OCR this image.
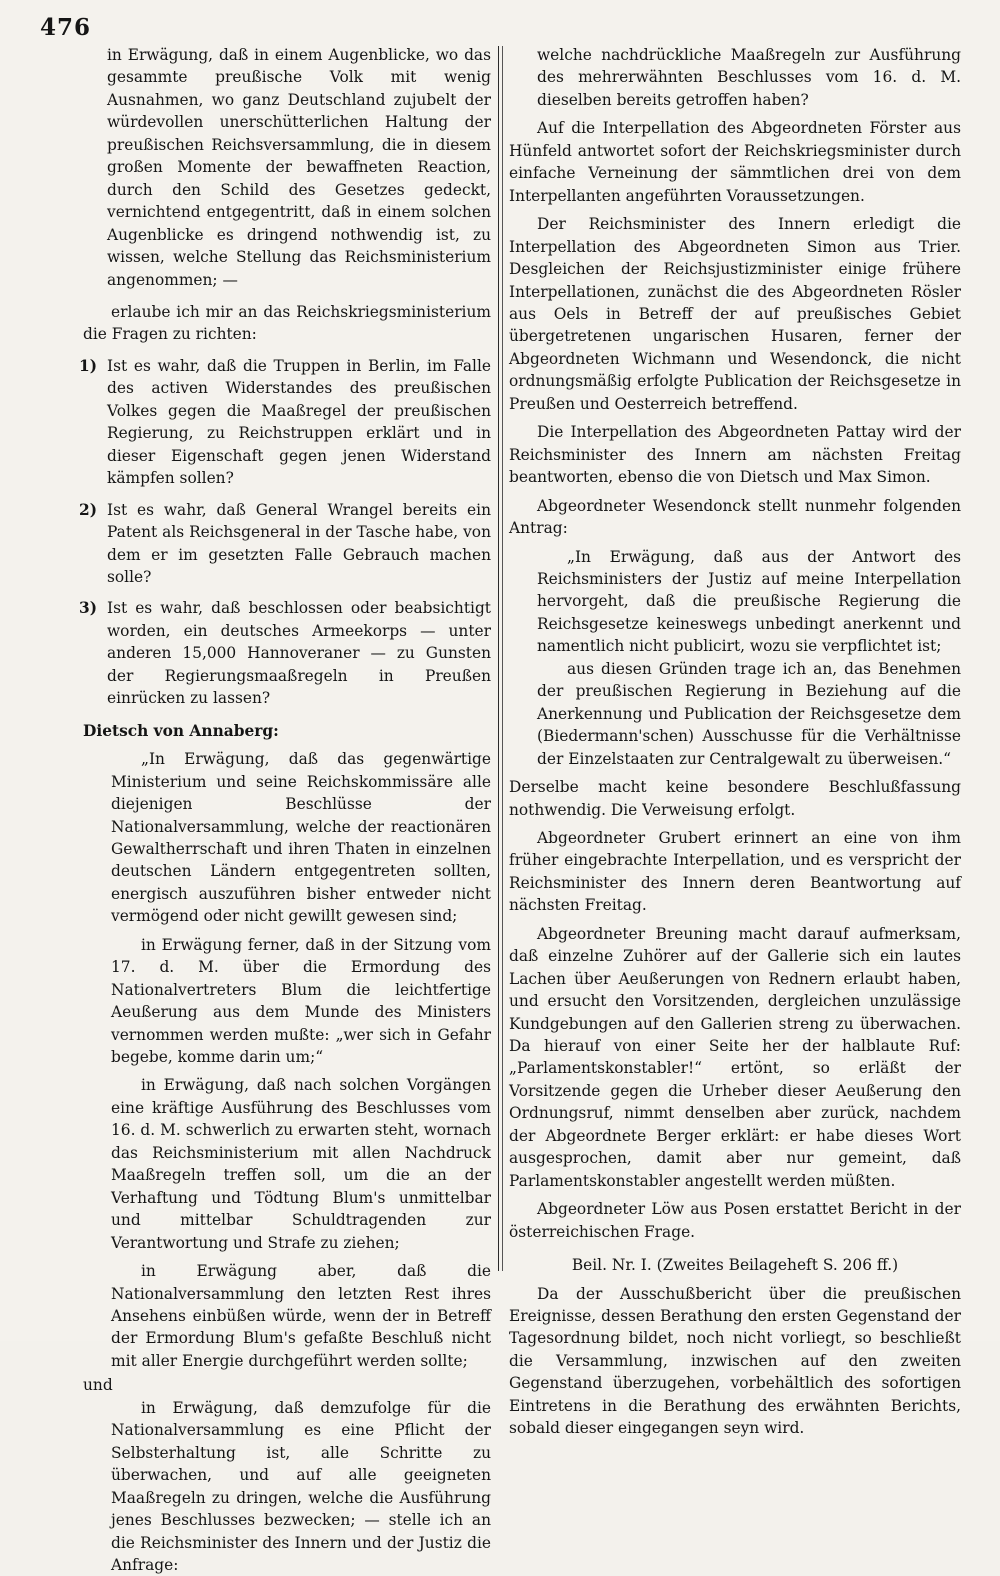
476

in Erwägung, daß in einem Augenblicke, wo das gesammte preußische Volk mit wenig Ausnahmen, wo ganz Deutschland zujubelt der würdevollen unerschütterlichen Haltung der preußischen Reichsversammlung, die in diesem großen Momente der bewaffneten Reaction, durch den Schild des Gesetzes gedeckt, vernichtend entgegentritt, daß in einem solchen Augenblicke es dringend nothwendig ist, zu wissen, welche Stellung das Reichsministerium angenommen; —

erlaube ich mir an das Reichskriegsministerium die Fragen zu richten:

1) Ist es wahr, daß die Truppen in Berlin, im Falle des activen Widerstandes des preußischen Volkes gegen die Maaßregel der preußischen Regierung, zu Reichstruppen erklärt und in dieser Eigenschaft gegen jenen Widerstand kämpfen sollen?

2) Ist es wahr, daß General Wrangel bereits ein Patent als Reichsgeneral in der Tasche habe, von dem er im gesetzten Falle Gebrauch machen solle?

3) Ist es wahr, daß beschlossen oder beabsichtigt worden, ein deutsches Armeekorps — unter anderen 15,000 Hannoveraner — zu Gunsten der Regierungsmaaßregeln in Preußen einrücken zu lassen?

Dietsch von Annaberg:

„In Erwägung, daß das gegenwärtige Ministerium und seine Reichskommissäre alle diejenigen Beschlüsse der Nationalversammlung, welche der reactionären Gewaltherrschaft und ihren Thaten in einzelnen deutschen Ländern entgegentreten sollten, energisch auszuführen bisher entweder nicht vermögend oder nicht gewillt gewesen sind;

in Erwägung ferner, daß in der Sitzung vom 17. d. M. über die Ermordung des Nationalvertreters Blum die leichtfertige Aeußerung aus dem Munde des Ministers vernommen werden mußte: „wer sich in Gefahr begebe, komme darin um;“

in Erwägung, daß nach solchen Vorgängen eine kräftige Ausführung des Beschlusses vom 16. d. M. schwerlich zu erwarten steht, wornach das Reichsministerium mit allen Nachdruck Maaßregeln treffen soll, um die an der Verhaftung und Tödtung Blum's unmittelbar und mittelbar Schuldtragenden zur Verantwortung und Strafe zu ziehen;

in Erwägung aber, daß die Nationalversammlung den letzten Rest ihres Ansehens einbüßen würde, wenn der in Betreff der Ermordung Blum's gefaßte Beschluß nicht mit aller Energie durchgeführt werden sollte;

und

in Erwägung, daß demzufolge für die Nationalversammlung es eine Pflicht der Selbsterhaltung ist, alle Schritte zu überwachen, und auf alle geeigneten Maaßregeln zu dringen, welche die Ausführung jenes Beschlusses bezwecken; — stelle ich an die Reichsminister des Innern und der Justiz die Anfrage:

welche nachdrückliche Maaßregeln zur Ausführung des mehrerwähnten Beschlusses vom 16. d. M. dieselben bereits getroffen haben?

Auf die Interpellation des Abgeordneten Förster aus Hünfeld antwortet sofort der Reichskriegsminister durch einfache Verneinung der sämmtlichen drei von dem Interpellanten angeführten Voraussetzungen.

Der Reichsminister des Innern erledigt die Interpellation des Abgeordneten Simon aus Trier. Desgleichen der Reichsjustizminister einige frühere Interpellationen, zunächst die des Abgeordneten Rösler aus Oels in Betreff der auf preußisches Gebiet übergetretenen ungarischen Husaren, ferner der Abgeordneten Wichmann und Wesendonck, die nicht ordnungsmäßig erfolgte Publication der Reichsgesetze in Preußen und Oesterreich betreffend.

Die Interpellation des Abgeordneten Pattay wird der Reichsminister des Innern am nächsten Freitag beantworten, ebenso die von Dietsch und Max Simon.

Abgeordneter Wesendonck stellt nunmehr folgenden Antrag:

„In Erwägung, daß aus der Antwort des Reichsministers der Justiz auf meine Interpellation hervorgeht, daß die preußische Regierung die Reichsgesetze keineswegs unbedingt anerkennt und namentlich nicht publicirt, wozu sie verpflichtet ist;

aus diesen Gründen trage ich an, das Benehmen der preußischen Regierung in Beziehung auf die Anerkennung und Publication der Reichsgesetze dem (Biedermann'schen) Ausschusse für die Verhältnisse der Einzelstaaten zur Centralgewalt zu überweisen.“

Derselbe macht keine besondere Beschlußfassung nothwendig. Die Verweisung erfolgt.

Abgeordneter Grubert erinnert an eine von ihm früher eingebrachte Interpellation, und es verspricht der Reichsminister des Innern deren Beantwortung auf nächsten Freitag.

Abgeordneter Breuning macht darauf aufmerksam, daß einzelne Zuhörer auf der Gallerie sich ein lautes Lachen über Aeußerungen von Rednern erlaubt haben, und ersucht den Vorsitzenden, dergleichen unzulässige Kundgebungen auf den Gallerien streng zu überwachen. Da hierauf von einer Seite her der halblaute Ruf: „Parlamentskonstabler!“ ertönt, so erläßt der Vorsitzende gegen die Urheber dieser Aeußerung den Ordnungsruf, nimmt denselben aber zurück, nachdem der Abgeordnete Berger erklärt: er habe dieses Wort ausgesprochen, damit aber nur gemeint, daß Parlamentskonstabler angestellt werden müßten.

Abgeordneter Löw aus Posen erstattet Bericht in der österreichischen Frage.

Beil. Nr. I. (Zweites Beilageheft S. 206 ff.)

Da der Ausschußbericht über die preußischen Ereignisse, dessen Berathung den ersten Gegenstand der Tagesordnung bildet, noch nicht vorliegt, so beschließt die Versammlung, inzwischen auf den zweiten Gegenstand überzugehen, vorbehältlich des sofortigen Eintretens in die Berathung des erwähnten Berichts, sobald dieser eingegangen seyn wird.
